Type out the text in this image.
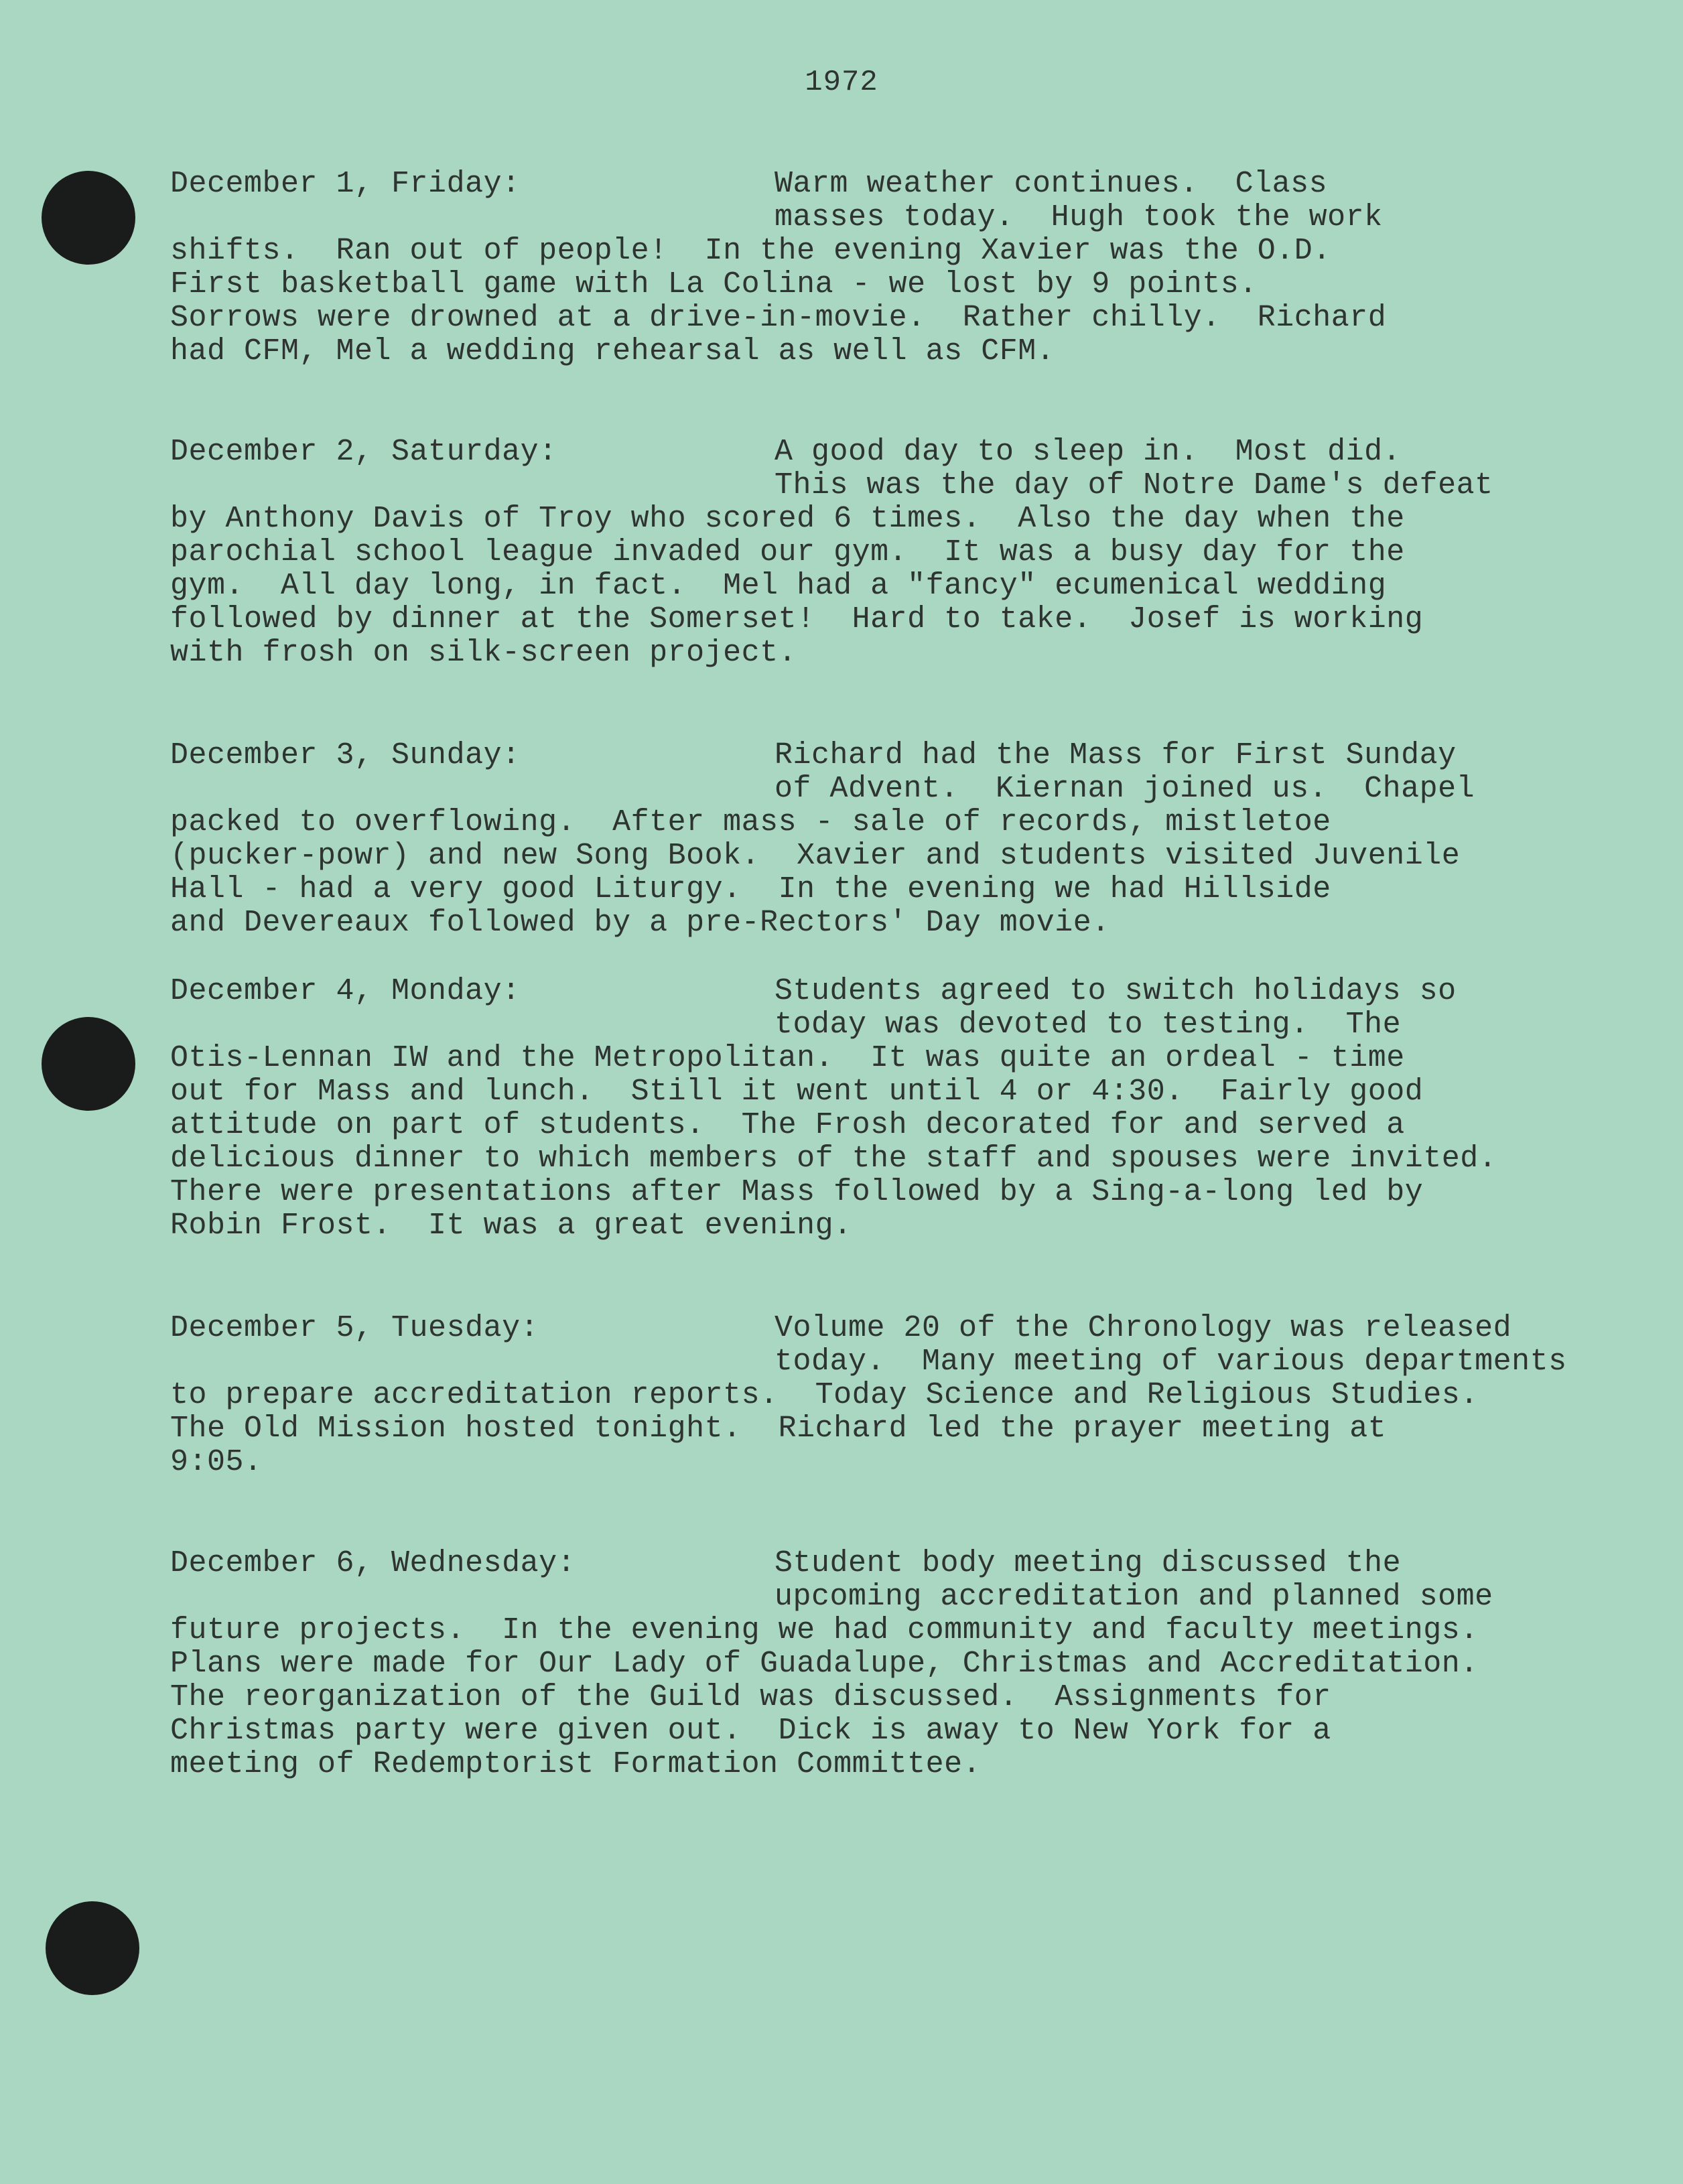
1972
December 1, Friday:	Warm weather continues.  Class
masses today.  Hugh took the work
shifts.  Ran out of people!  In the evening Xavier was the O.D.
First basketball game with La Colina - we lost by 9 points.
Sorrows were drowned at a drive-in-movie.  Rather chilly.  Richard
had CFM, Mel a wedding rehearsal as well as CFM.
December 2, Saturday:	A good day to sleep in.  Most did.
This was the day of Notre Dame's defeat
by Anthony Davis of Troy who scored 6 times.  Also the day when the
parochial school league invaded our gym.  It was a busy day for the
gym.  All day long, in fact.  Mel had a "fancy" ecumenical wedding
followed by dinner at the Somerset!  Hard to take.  Josef is working
with frosh on silk-screen project.
December 3, Sunday:	Richard had the Mass for First Sunday
of Advent.  Kiernan joined us.  Chapel
packed to overflowing.  After mass - sale of records, mistletoe
(pucker-powr) and new Song Book.  Xavier and students visited Juvenile
Hall - had a very good Liturgy.  In the evening we had Hillside
and Devereaux followed by a pre-Rectors' Day movie.
December 4, Monday:	Students agreed to switch holidays so
today was devoted to testing.  The
Otis-Lennan IW and the Metropolitan.  It was quite an ordeal - time
out for Mass and lunch.  Still it went until 4 or 4:30.  Fairly good
attitude on part of students.  The Frosh decorated for and served a
delicious dinner to which members of the staff and spouses were invited.
There were presentations after Mass followed by a Sing-a-long led by
Robin Frost.  It was a great evening.
December 5, Tuesday:	Volume 20 of the Chronology was released
today.  Many meeting of various departments
to prepare accreditation reports.  Today Science and Religious Studies.
The Old Mission hosted tonight.  Richard led the prayer meeting at
9:05.
December 6, Wednesday:	Student body meeting discussed the
upcoming accreditation and planned some
future projects.  In the evening we had community and faculty meetings.
Plans were made for Our Lady of Guadalupe, Christmas and Accreditation.
The reorganization of the Guild was discussed.  Assignments for
Christmas party were given out.  Dick is away to New York for a
meeting of Redemptorist Formation Committee.
